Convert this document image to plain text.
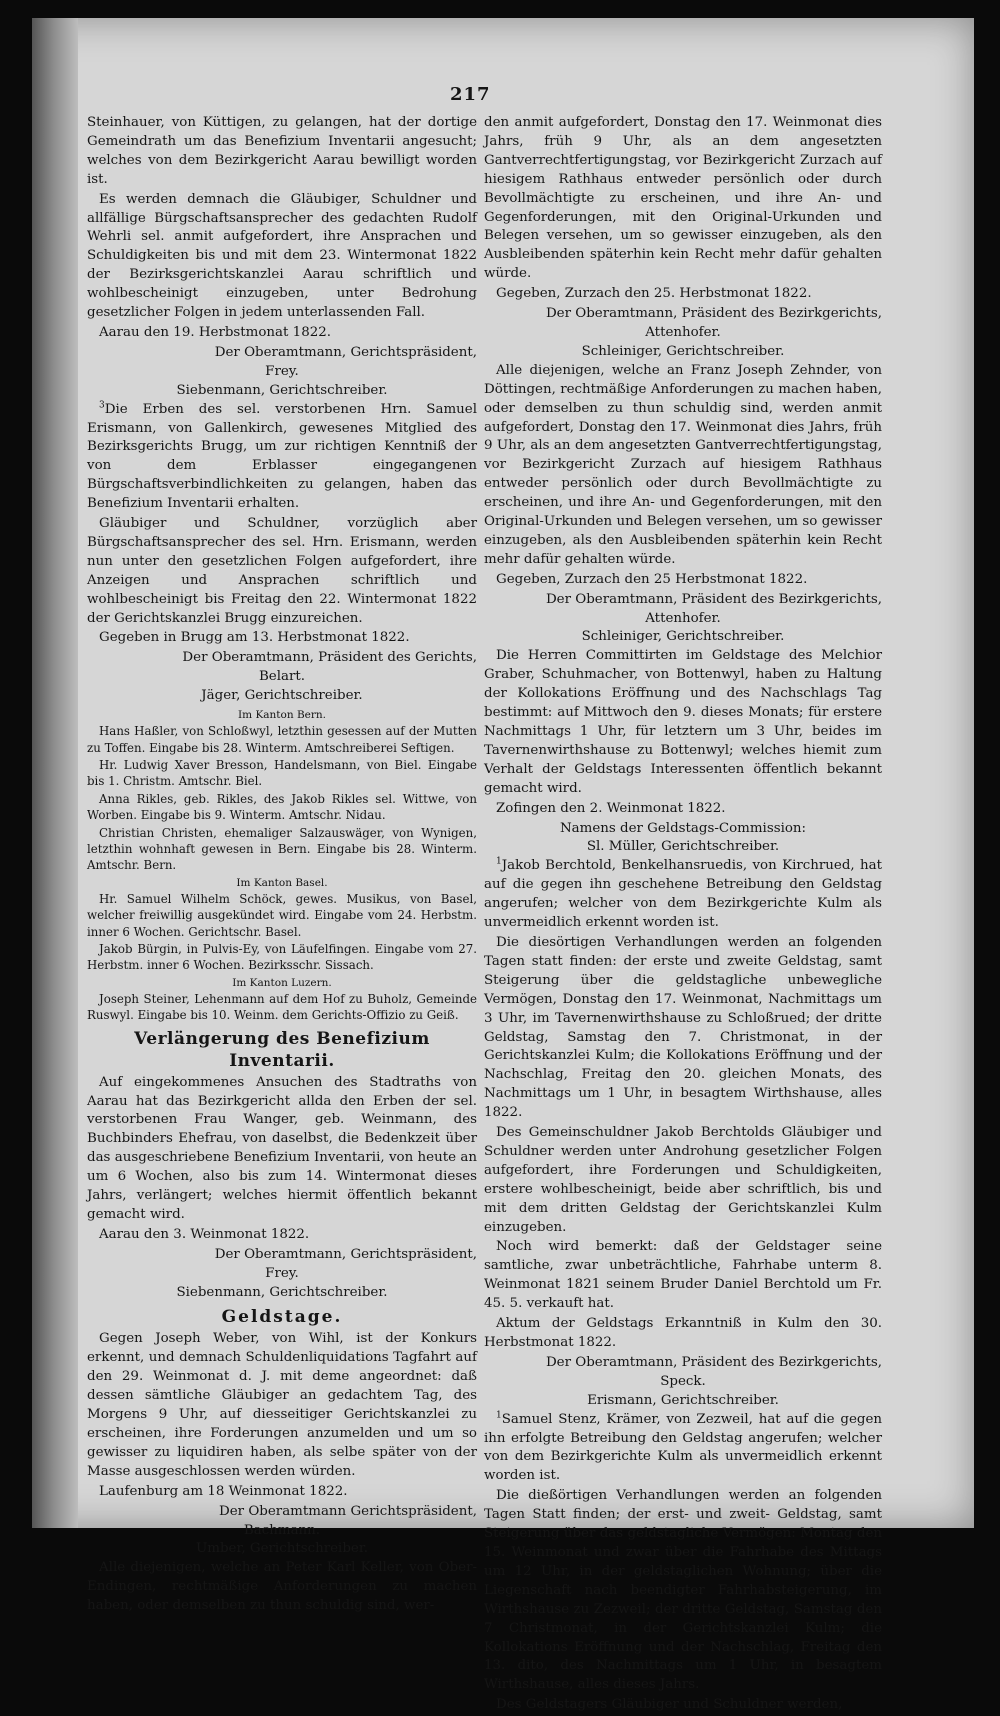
217

Steinhauer, von Küttigen, zu gelangen, hat der dortige Gemeindrath um das Benefizium Inventarii angesucht; welches von dem Bezirkgericht Aarau bewilligt worden ist.

Es werden demnach die Gläubiger, Schuldner und allfällige Bürgschaftsansprecher des gedachten Rudolf Wehrli sel. anmit aufgefordert, ihre Ansprachen und Schuldigkeiten bis und mit dem 23. Wintermonat 1822 der Bezirksgerichtskanzlei Aarau schriftlich und wohlbescheinigt einzugeben, unter Bedrohung gesetzlicher Folgen in jedem unterlassenden Fall.

Aarau den 19. Herbstmonat 1822.

Der Oberamtmann, Gerichtspräsident,

Frey.

Siebenmann, Gerichtschreiber.

$^3$Die Erben des sel. verstorbenen Hrn. Samuel Erismann, von Gallenkirch, gewesenes Mitglied des Bezirksgerichts Brugg, um zur richtigen Kenntniß der von dem Erblasser eingegangenen Bürgschaftsverbindlichkeiten zu gelangen, haben das Benefizium Inventarii erhalten.

Gläubiger und Schuldner, vorzüglich aber Bürgschaftsansprecher des sel. Hrn. Erismann, werden nun unter den gesetzlichen Folgen aufgefordert, ihre Anzeigen und Ansprachen schriftlich und wohlbescheinigt bis Freitag den 22. Wintermonat 1822 der Gerichtskanzlei Brugg einzureichen.

Gegeben in Brugg am 13. Herbstmonat 1822.

Der Oberamtmann, Präsident des Gerichts,

Belart.

Jäger, Gerichtschreiber.

Im Kanton Bern.

Hans Haßler, von Schloßwyl, letzthin gesessen auf der Mutten zu Toffen. Eingabe bis 28. Winterm. Amtschreiberei Seftigen.

Hr. Ludwig Xaver Bresson, Handelsmann, von Biel. Eingabe bis 1. Christm. Amtschr. Biel.

Anna Rikles, geb. Rikles, des Jakob Rikles sel. Wittwe, von Worben. Eingabe bis 9. Winterm. Amtschr. Nidau.

Christian Christen, ehemaliger Salzauswäger, von Wynigen, letzthin wohnhaft gewesen in Bern. Eingabe bis 28. Winterm. Amtschr. Bern.

Im Kanton Basel.

Hr. Samuel Wilhelm Schöck, gewes. Musikus, von Basel, welcher freiwillig ausgekündet wird. Eingabe vom 24. Herbstm. inner 6 Wochen. Gerichtschr. Basel.

Jakob Bürgin, in Pulvis-Ey, von Läufelfingen. Eingabe vom 27. Herbstm. inner 6 Wochen. Bezirksschr. Sissach.

Im Kanton Luzern.

Joseph Steiner, Lehenmann auf dem Hof zu Buholz, Gemeinde Ruswyl. Eingabe bis 10. Weinm. dem Gerichts-Offizio zu Geiß.

Verlängerung des Benefizium Inventarii.

Auf eingekommenes Ansuchen des Stadtraths von Aarau hat das Bezirkgericht allda den Erben der sel. verstorbenen Frau Wanger, geb. Weinmann, des Buchbinders Ehefrau, von daselbst, die Bedenkzeit über das ausgeschriebene Benefizium Inventarii, von heute an um 6 Wochen, also bis zum 14. Wintermonat dieses Jahrs, verlängert; welches hiermit öffentlich bekannt gemacht wird.

Aarau den 3. Weinmonat 1822.

Der Oberamtmann, Gerichtspräsident,

Frey.

Siebenmann, Gerichtschreiber.

Geldstage.

Gegen Joseph Weber, von Wihl, ist der Konkurs erkennt, und demnach Schuldenliquidations Tagfahrt auf den 29. Weinmonat d. J. mit deme angeordnet: daß dessen sämtliche Gläubiger an gedachtem Tag, des Morgens 9 Uhr, auf diesseitiger Gerichtskanzlei zu erscheinen, ihre Forderungen anzumelden und um so gewisser zu liquidiren haben, als selbe später von der Masse ausgeschlossen werden würden.

Laufenburg am 18 Weinmonat 1822.

Der Oberamtmann Gerichtspräsident,

Bachmann.

Umber, Gerichtschreiber.

Alle diejenigen, welche an Peter Karl Keller, von Ober-Endingen, rechtmäßige Anforderungen zu machen haben, oder demselben zu thun schuldig sind, wer-

den anmit aufgefordert, Donstag den 17. Weinmonat dies Jahrs, früh 9 Uhr, als an dem angesetzten Gantverrechtfertigungstag, vor Bezirkgericht Zurzach auf hiesigem Rathhaus entweder persönlich oder durch Bevollmächtigte zu erscheinen, und ihre An- und Gegenforderungen, mit den Original-Urkunden und Belegen versehen, um so gewisser einzugeben, als den Ausbleibenden späterhin kein Recht mehr dafür gehalten würde.

Gegeben, Zurzach den 25. Herbstmonat 1822.

Der Oberamtmann, Präsident des Bezirkgerichts,

Attenhofer.

Schleiniger, Gerichtschreiber.

Alle diejenigen, welche an Franz Joseph Zehnder, von Döttingen, rechtmäßige Anforderungen zu machen haben, oder demselben zu thun schuldig sind, werden anmit aufgefordert, Donstag den 17. Weinmonat dies Jahrs, früh 9 Uhr, als an dem angesetzten Gantverrechtfertigungstag, vor Bezirkgericht Zurzach auf hiesigem Rathhaus entweder persönlich oder durch Bevollmächtigte zu erscheinen, und ihre An- und Gegenforderungen, mit den Original-Urkunden und Belegen versehen, um so gewisser einzugeben, als den Ausbleibenden späterhin kein Recht mehr dafür gehalten würde.

Gegeben, Zurzach den 25 Herbstmonat 1822.

Der Oberamtmann, Präsident des Bezirkgerichts,

Attenhofer.

Schleiniger, Gerichtschreiber.

Die Herren Committirten im Geldstage des Melchior Graber, Schuhmacher, von Bottenwyl, haben zu Haltung der Kollokations Eröffnung und des Nachschlags Tag bestimmt: auf Mittwoch den 9. dieses Monats; für erstere Nachmittags 1 Uhr, für letztern um 3 Uhr, beides im Tavernenwirthshause zu Bottenwyl; welches hiemit zum Verhalt der Geldstags Interessenten öffentlich bekannt gemacht wird.

Zofingen den 2. Weinmonat 1822.

Namens der Geldstags-Commission:

Sl. Müller, Gerichtschreiber.

$^1$Jakob Berchtold, Benkelhansruedis, von Kirchrued, hat auf die gegen ihn geschehene Betreibung den Geldstag angerufen; welcher von dem Bezirkgerichte Kulm als unvermeidlich erkennt worden ist.

Die diesörtigen Verhandlungen werden an folgenden Tagen statt finden: der erste und zweite Geldstag, samt Steigerung über die geldstagliche unbewegliche Vermögen, Donstag den 17. Weinmonat, Nachmittags um 3 Uhr, im Tavernenwirthshause zu Schloßrued; der dritte Geldstag, Samstag den 7. Christmonat, in der Gerichtskanzlei Kulm; die Kollokations Eröffnung und der Nachschlag, Freitag den 20. gleichen Monats, des Nachmittags um 1 Uhr, in besagtem Wirthshause, alles 1822.

Des Gemeinschuldner Jakob Berchtolds Gläubiger und Schuldner werden unter Androhung gesetzlicher Folgen aufgefordert, ihre Forderungen und Schuldigkeiten, erstere wohlbescheinigt, beide aber schriftlich, bis und mit dem dritten Geldstag der Gerichtskanzlei Kulm einzugeben.

Noch wird bemerkt: daß der Geldstager seine samtliche, zwar unbeträchtliche, Fahrhabe unterm 8. Weinmonat 1821 seinem Bruder Daniel Berchtold um Fr. 45. 5. verkauft hat.

Aktum der Geldstags Erkanntniß in Kulm den 30. Herbstmonat 1822.

Der Oberamtmann, Präsident des Bezirkgerichts,

Speck.

Erismann, Gerichtschreiber.

$^1$Samuel Stenz, Krämer, von Zezweil, hat auf die gegen ihn erfolgte Betreibung den Geldstag angerufen; welcher von dem Bezirkgerichte Kulm als unvermeidlich erkennt worden ist.

Die dießörtigen Verhandlungen werden an folgenden Tagen Statt finden; der erst- und zweit- Geldstag, samt Steigerung über das geldstagliche Vermögen: Montag den 15. Weinmonat und zwar über die Fahrhabe des Mittags um 12 Uhr, in der geldstaglichen Wohnung; über die Liegenschaft nach beendigter Fahrhabsteigerung, im Wirthshause zu Zezweil; der dritte Geldstag, Samstag den 7 Christmonat, in der Gerichtskanzlei Kulm; die Kollokations Eröffnung und der Nachschlag, Freitag den 13. dito, des Nachmittags um 1 Uhr, in besagtem Wirthshause, alles dieses Jahrs.

Des Geldstagers Gläubiger und Schuldner werden,
